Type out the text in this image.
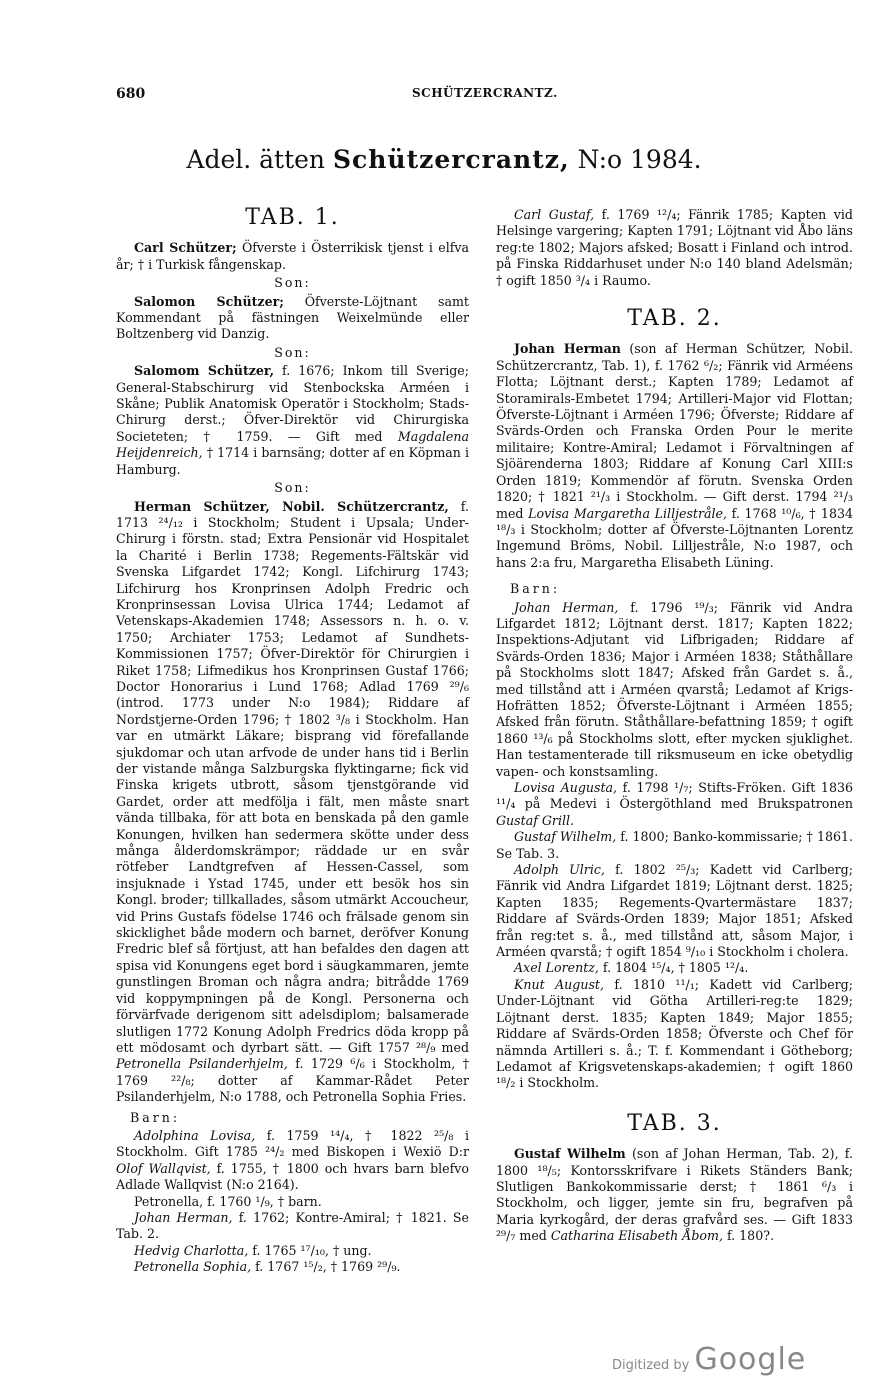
680	SCHÜTZERCRANTZ.
Adel. ätten Schützercrantz, N:o 1984.
TAB. 1.

Carl Schützer; Öfverste i Österrikisk tjenst i elfva år; † i Turkisk fångenskap.

Son:

Salomon Schützer; Öfverste-Löjtnant samt Kommendant på fästningen Weixelmünde eller Boltzenberg vid Danzig.

Son:

Salomom Schützer, f. 1676; Inkom till Sverige; General-Stabschirurg vid Stenbockska Arméen i Skåne; Publik Anatomisk Operatör i Stockholm; Stads-Chirurg derst.; Öfver-Direktör vid Chirurgiska Societeten; † 1759. — Gift med Magdalena Heijdenreich, † 1714 i barnsäng; dotter af en Köpman i Hamburg.

Son:

Herman Schützer, Nobil. Schützercrantz, f. 1713 ²⁴/₁₂ i Stockholm; Student i Upsala; Under-Chirurg i förstn. stad; Extra Pensionär vid Hospitalet la Charité i Berlin 1738; Regements-Fältskär vid Svenska Lifgardet 1742; Kongl. Lifchirurg 1743; Lifchirurg hos Kronprinsen Adolph Fredric och Kronprinsessan Lovisa Ulrica 1744; Ledamot af Vetenskaps-Akademien 1748; Assessors n. h. o. v. 1750; Archiater 1753; Ledamot af Sundhets-Kommissionen 1757; Öfver-Direktör för Chirurgien i Riket 1758; Lifmedikus hos Kronprinsen Gustaf 1766; Doctor Honorarius i Lund 1768; Adlad 1769 ²⁹/₆ (introd. 1773 under N:o 1984); Riddare af Nordstjerne-Orden 1796; † 1802 ³/₈ i Stockholm. Han var en utmärkt Läkare; bisprang vid förefallande sjukdomar och utan arfvode de under hans tid i Berlin der vistande många Salzburgska flyktingarne; fick vid Finska krigets utbrott, såsom tjenstgörande vid Gardet, order att medfölja i fält, men måste snart vända tillbaka, för att bota en benskada på den gamle Konungen, hvilken han sedermera skötte under dess många ålderdomskrämpor; räddade ur en svår rötfeber Landtgrefven af Hessen-Cassel, som insjuknade i Ystad 1745, under ett besök hos sin Kongl. broder; tillkallades, såsom utmärkt Accoucheur, vid Prins Gustafs födelse 1746 och frälsade genom sin skicklighet både modern och barnet, deröfver Konung Fredric blef så förtjust, att han befaldes den dagen att spisa vid Konungens eget bord i säugkammaren, jemte gunstlingen Broman och några andra; bitrådde 1769 vid koppympningen på de Kongl. Personerna och förvärfvade derigenom sitt adelsdiplom; balsamerade slutligen 1772 Konung Adolph Fredrics döda kropp på ett mödosamt och dyrbart sätt. — Gift 1757 ²⁸/₉ med Petronella Psilanderhjelm, f. 1729 ⁶/₆ i Stockholm, † 1769 ²²/₈; dotter af Kammar-Rådet Peter Psilanderhjelm, N:o 1788, och Petronella Sophia Fries.

Barn:

Adolphina Lovisa, f. 1759 ¹⁴/₄, † 1822 ²⁵/₈ i Stockholm. Gift 1785 ²⁴/₂ med Biskopen i Wexiö D:r Olof Wallqvist, f. 1755, † 1800 och hvars barn blefvo Adlade Wallqvist (N:o 2164).

Petronella, f. 1760 ¹/₉, † barn.

Johan Herman, f. 1762; Kontre-Amiral; † 1821. Se Tab. 2.

Hedvig Charlotta, f. 1765 ¹⁷/₁₀, † ung.

Petronella Sophia, f. 1767 ¹⁵/₂, † 1769 ²⁹/₉.

Carl Gustaf, f. 1769 ¹²/₄; Fänrik 1785; Kapten vid Helsinge vargering; Kapten 1791; Löjtnant vid Åbo läns reg:te 1802; Majors afsked; Bosatt i Finland och introd. på Finska Riddarhuset under N:o 140 bland Adelsmän; † ogift 1850 ³/₄ i Raumo.

TAB. 2.

Johan Herman (son af Herman Schützer, Nobil. Schützercrantz, Tab. 1), f. 1762 ⁶/₂; Fänrik vid Arméens Flotta; Löjtnant derst.; Kapten 1789; Ledamot af Storamirals-Embetet 1794; Artilleri-Major vid Flottan; Öfverste-Löjtnant i Arméen 1796; Öfverste; Riddare af Svärds-Orden och Franska Orden Pour le merite militaire; Kontre-Amiral; Ledamot i Förvaltningen af Sjöärenderna 1803; Riddare af Konung Carl XIII:s Orden 1819; Kommendör af förutn. Svenska Orden 1820; † 1821 ²¹/₃ i Stockholm. — Gift derst. 1794 ²¹/₃ med Lovisa Margaretha Lilljestråle, f. 1768 ¹⁰/₆, † 1834 ¹⁸/₃ i Stockholm; dotter af Öfverste-Löjtnanten Lorentz Ingemund Bröms, Nobil. Lilljestråle, N:o 1987, och hans 2:a fru, Margaretha Elisabeth Lüning.

Barn:

Johan Herman, f. 1796 ¹⁹/₃; Fänrik vid Andra Lifgardet 1812; Löjtnant derst. 1817; Kapten 1822; Inspektions-Adjutant vid Lifbrigaden; Riddare af Svärds-Orden 1836; Major i Arméen 1838; Ståthållare på Stockholms slott 1847; Afsked från Gardet s. å., med tillstånd att i Arméen qvarstå; Ledamot af Krigs-Hofrätten 1852; Öfverste-Löjtnant i Arméen 1855; Afsked från förutn. Ståthållare-befattning 1859; † ogift 1860 ¹³/₆ på Stockholms slott, efter mycken sjuklighet. Han testamenterade till riksmuseum en icke obetydlig vapen- och konstsamling.

Lovisa Augusta, f. 1798 ¹/₇; Stifts-Fröken. Gift 1836 ¹¹/₄ på Medevi i Östergöthland med Brukspatronen Gustaf Grill.

Gustaf Wilhelm, f. 1800; Banko-kommissarie; † 1861. Se Tab. 3.

Adolph Ulric, f. 1802 ²⁵/₃; Kadett vid Carlberg; Fänrik vid Andra Lifgardet 1819; Löjtnant derst. 1825; Kapten 1835; Regements-Qvartermästare 1837; Riddare af Svärds-Orden 1839; Major 1851; Afsked från reg:tet s. å., med tillstånd att, såsom Major, i Arméen qvarstå; † ogift 1854 ⁹/₁₀ i Stockholm i cholera.

Axel Lorentz, f. 1804 ¹⁵/₄, † 1805 ¹²/₄.

Knut August, f. 1810 ¹¹/₁; Kadett vid Carlberg; Under-Löjtnant vid Götha Artilleri-reg:te 1829; Löjtnant derst. 1835; Kapten 1849; Major 1855; Riddare af Svärds-Orden 1858; Öfverste och Chef för nämnda Artilleri s. å.; T. f. Kommendant i Götheborg; Ledamot af Krigsvetenskaps-akademien; † ogift 1860 ¹⁸/₂ i Stockholm.

TAB. 3.

Gustaf Wilhelm (son af Johan Herman, Tab. 2), f. 1800 ¹⁸/₅; Kontorsskrifvare i Rikets Ständers Bank; Slutligen Bankokommissarie derst; † 1861 ⁶/₃ i Stockholm, och ligger, jemte sin fru, begrafven på Maria kyrkogård, der deras grafvård ses. — Gift 1833 ²⁹/₇ med Catharina Elisabeth Åbom, f. 180?.

Digitized by Google
